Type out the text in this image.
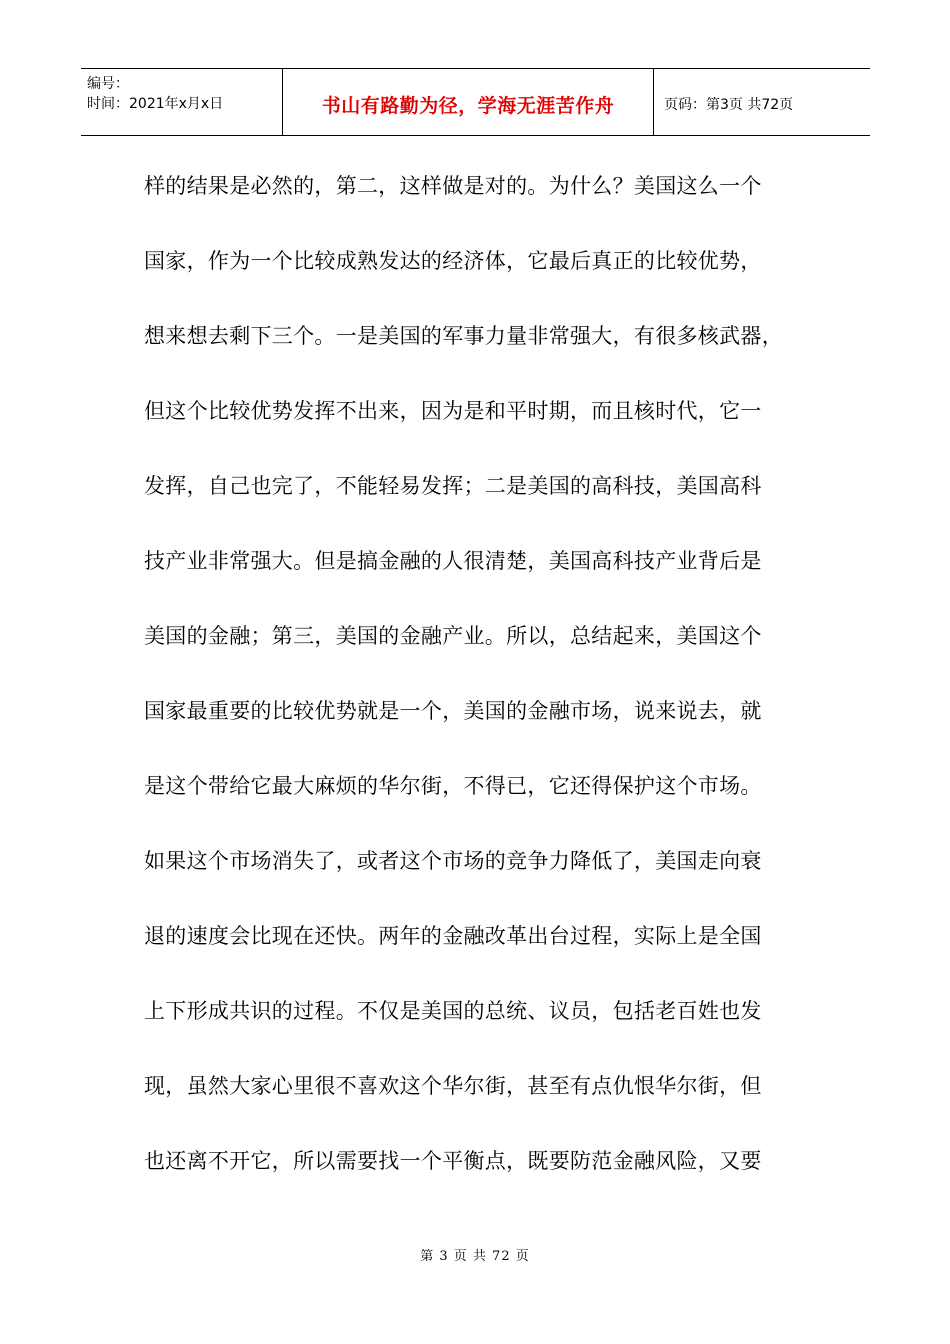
编号：
时间：2021年x月x日	书山有路勤为径，学海无涯苦作舟	页码：第3页 共72页
样的结果是必然的，第二，这样做是对的。为什么？美国这么一个
国家，作为一个比较成熟发达的经济体，它最后真正的比较优势，
想来想去剩下三个。一是美国的军事力量非常强大，有很多核武器，
但这个比较优势发挥不出来，因为是和平时期，而且核时代，它一
发挥，自己也完了，不能轻易发挥；二是美国的高科技，美国高科
技产业非常强大。但是搞金融的人很清楚，美国高科技产业背后是
美国的金融；第三，美国的金融产业。所以，总结起来，美国这个
国家最重要的比较优势就是一个，美国的金融市场，说来说去，就
是这个带给它最大麻烦的华尔街，不得已，它还得保护这个市场。
如果这个市场消失了，或者这个市场的竞争力降低了，美国走向衰
退的速度会比现在还快。两年的金融改革出台过程，实际上是全国
上下形成共识的过程。不仅是美国的总统、议员，包括老百姓也发
现，虽然大家心里很不喜欢这个华尔街，甚至有点仇恨华尔街，但
也还离不开它，所以需要找一个平衡点，既要防范金融风险，又要
第 3 页 共 72 页
